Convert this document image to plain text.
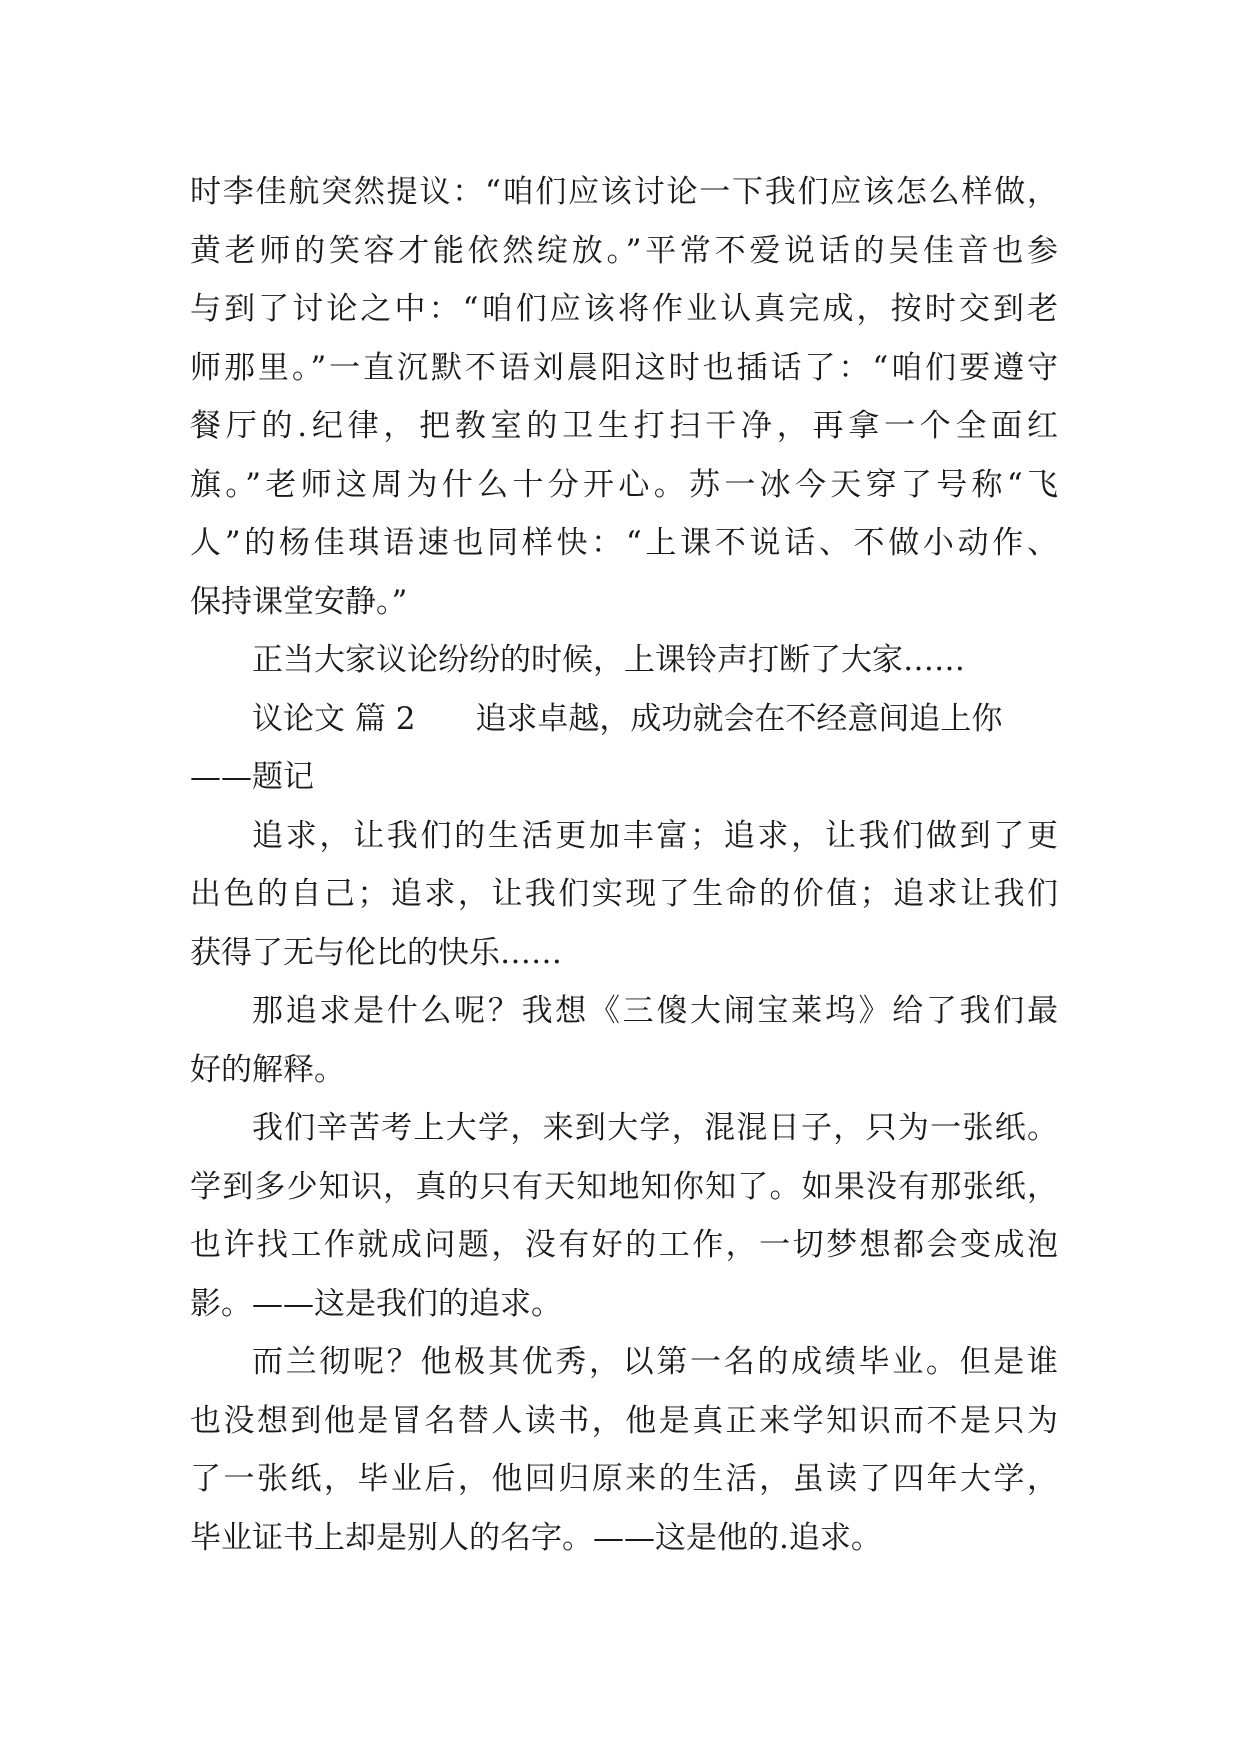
时李佳航突然提议：“咱们应该讨论一下我们应该怎么样做，
黄老师的笑容才能依然绽放。”平常不爱说话的吴佳音也参
与到了讨论之中：“咱们应该将作业认真完成，按时交到老
师那里。”一直沉默不语刘晨阳这时也插话了：“咱们要遵守
餐厅的.纪律，把教室的卫生打扫干净，再拿一个全面红
旗。”老师这周为什么十分开心。苏一冰今天穿了号称“飞
人”的杨佳琪语速也同样快：“上课不说话、不做小动作、
保持课堂安静。”
正当大家议论纷纷的时候，上课铃声打断了大家……
议论文 篇 2 追求卓越，成功就会在不经意间追上你
——题记
追求，让我们的生活更加丰富；追求，让我们做到了更
出色的自己；追求，让我们实现了生命的价值；追求让我们
获得了无与伦比的快乐……
那追求是什么呢？我想《三傻大闹宝莱坞》给了我们最
好的解释。
我们辛苦考上大学，来到大学，混混日子，只为一张纸。
学到多少知识，真的只有天知地知你知了。如果没有那张纸，
也许找工作就成问题，没有好的工作，一切梦想都会变成泡
影。——这是我们的追求。
而兰彻呢？他极其优秀，以第一名的成绩毕业。但是谁
也没想到他是冒名替人读书，他是真正来学知识而不是只为
了一张纸，毕业后，他回归原来的生活，虽读了四年大学，
毕业证书上却是别人的名字。——这是他的.追求。
